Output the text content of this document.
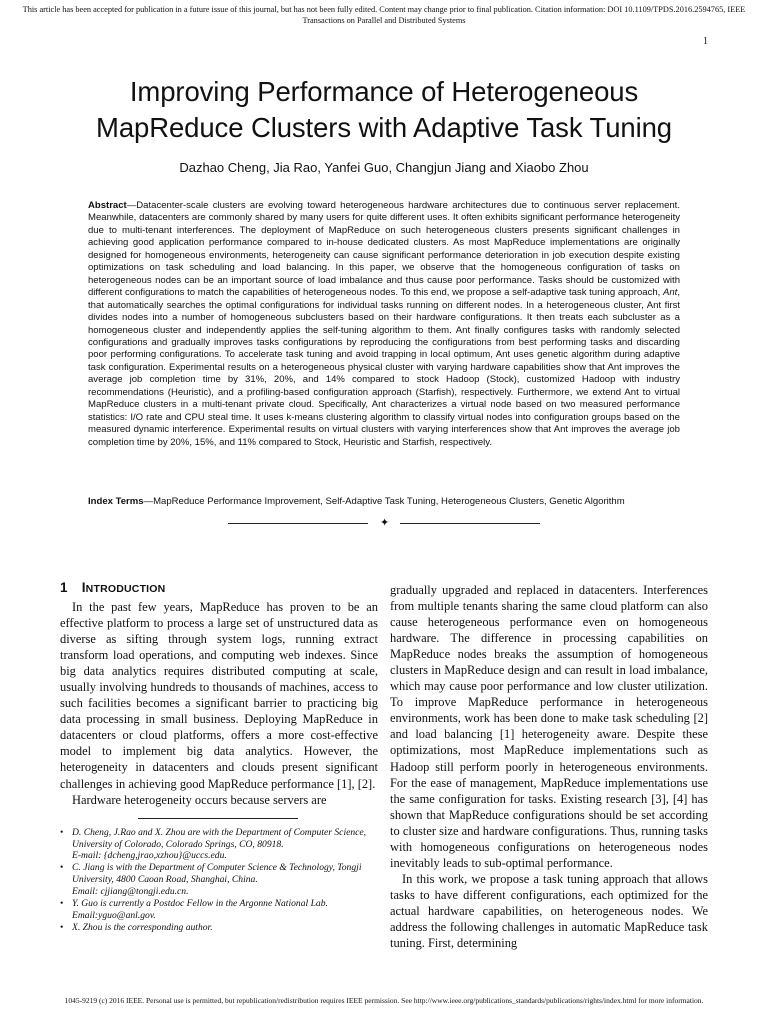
This article has been accepted for publication in a future issue of this journal, but has not been fully edited. Content may change prior to final publication. Citation information: DOI 10.1109/TPDS.2016.2594765, IEEE
Transactions on Parallel and Distributed Systems
1
Improving Performance of Heterogeneous
MapReduce Clusters with Adaptive Task Tuning
Dazhao Cheng, Jia Rao, Yanfei Guo, Changjun Jiang and Xiaobo Zhou
Abstract—Datacenter-scale clusters are evolving toward heterogeneous hardware architectures due to continuous server replacement. Meanwhile, datacenters are commonly shared by many users for quite different uses. It often exhibits significant performance heterogeneity due to multi-tenant interferences. The deployment of MapReduce on such heterogeneous clusters presents significant challenges in achieving good application performance compared to in-house dedicated clusters. As most MapReduce implementations are originally designed for homogeneous environments, heterogeneity can cause significant performance deterioration in job execution despite existing optimizations on task scheduling and load balancing. In this paper, we observe that the homogeneous configuration of tasks on heterogeneous nodes can be an important source of load imbalance and thus cause poor performance. Tasks should be customized with different configurations to match the capabilities of heterogeneous nodes. To this end, we propose a self-adaptive task tuning approach, Ant, that automatically searches the optimal configurations for individual tasks running on different nodes. In a heterogeneous cluster, Ant first divides nodes into a number of homogeneous subclusters based on their hardware configurations. It then treats each subcluster as a homogeneous cluster and independently applies the self-tuning algorithm to them. Ant finally configures tasks with randomly selected configurations and gradually improves tasks configurations by reproducing the configurations from best performing tasks and discarding poor performing configurations. To accelerate task tuning and avoid trapping in local optimum, Ant uses genetic algorithm during adaptive task configuration. Experimental results on a heterogeneous physical cluster with varying hardware capabilities show that Ant improves the average job completion time by 31%, 20%, and 14% compared to stock Hadoop (Stock), customized Hadoop with industry recommendations (Heuristic), and a profiling-based configuration approach (Starfish), respectively. Furthermore, we extend Ant to virtual MapReduce clusters in a multi-tenant private cloud. Specifically, Ant characterizes a virtual node based on two measured performance statistics: I/O rate and CPU steal time. It uses k-means clustering algorithm to classify virtual nodes into configuration groups based on the measured dynamic interference. Experimental results on virtual clusters with varying interferences show that Ant improves the average job completion time by 20%, 15%, and 11% compared to Stock, Heuristic and Starfish, respectively.
Index Terms—MapReduce Performance Improvement, Self-Adaptive Task Tuning, Heterogeneous Clusters, Genetic Algorithm
✦
1 INTRODUCTION

In the past few years, MapReduce has proven to be an effective platform to process a large set of unstructured data as diverse as sifting through system logs, running extract transform load operations, and computing web indexes. Since big data analytics requires distributed computing at scale, usually involving hundreds to thousands of machines, access to such facilities becomes a significant barrier to practicing big data processing in small business. Deploying MapReduce in datacenters or cloud platforms, offers a more cost-effective model to implement big data analytics. However, the heterogeneity in datacenters and clouds present significant challenges in achieving good MapReduce performance [1], [2].

Hardware heterogeneity occurs because servers are

• D. Cheng, J.Rao and X. Zhou are with the Department of Computer Science, University of Colorado, Colorado Springs, CO, 80918.
E-mail: {dcheng,jrao,xzhou}@uccs.edu.

• C. Jiang is with the Department of Computer Science & Technology, Tongji University, 4800 Caoan Road, Shanghai, China.
Email: cjjiang@tongji.edu.cn.

• Y. Guo is currently a Postdoc Fellow in the Argonne National Lab.
Email:yguo@anl.gov.

• X. Zhou is the corresponding author.

gradually upgraded and replaced in datacenters. Interferences from multiple tenants sharing the same cloud platform can also cause heterogeneous performance even on homogeneous hardware. The difference in processing capabilities on MapReduce nodes breaks the assumption of homogeneous clusters in MapReduce design and can result in load imbalance, which may cause poor performance and low cluster utilization. To improve MapReduce performance in heterogeneous environments, work has been done to make task scheduling [2] and load balancing [1] heterogeneity aware. Despite these optimizations, most MapReduce implementations such as Hadoop still perform poorly in heterogeneous environments. For the ease of management, MapReduce implementations use the same configuration for tasks. Existing research [3], [4] has shown that MapReduce configurations should be set according to cluster size and hardware configurations. Thus, running tasks with homogeneous configurations on heterogeneous nodes inevitably leads to sub-optimal performance.

In this work, we propose a task tuning approach that allows tasks to have different configurations, each optimized for the actual hardware capabilities, on heterogeneous nodes. We address the following challenges in automatic MapReduce task tuning. First, determining

1045-9219 (c) 2016 IEEE. Personal use is permitted, but republication/redistribution requires IEEE permission. See http://www.ieee.org/publications_standards/publications/rights/index.html for more information.
